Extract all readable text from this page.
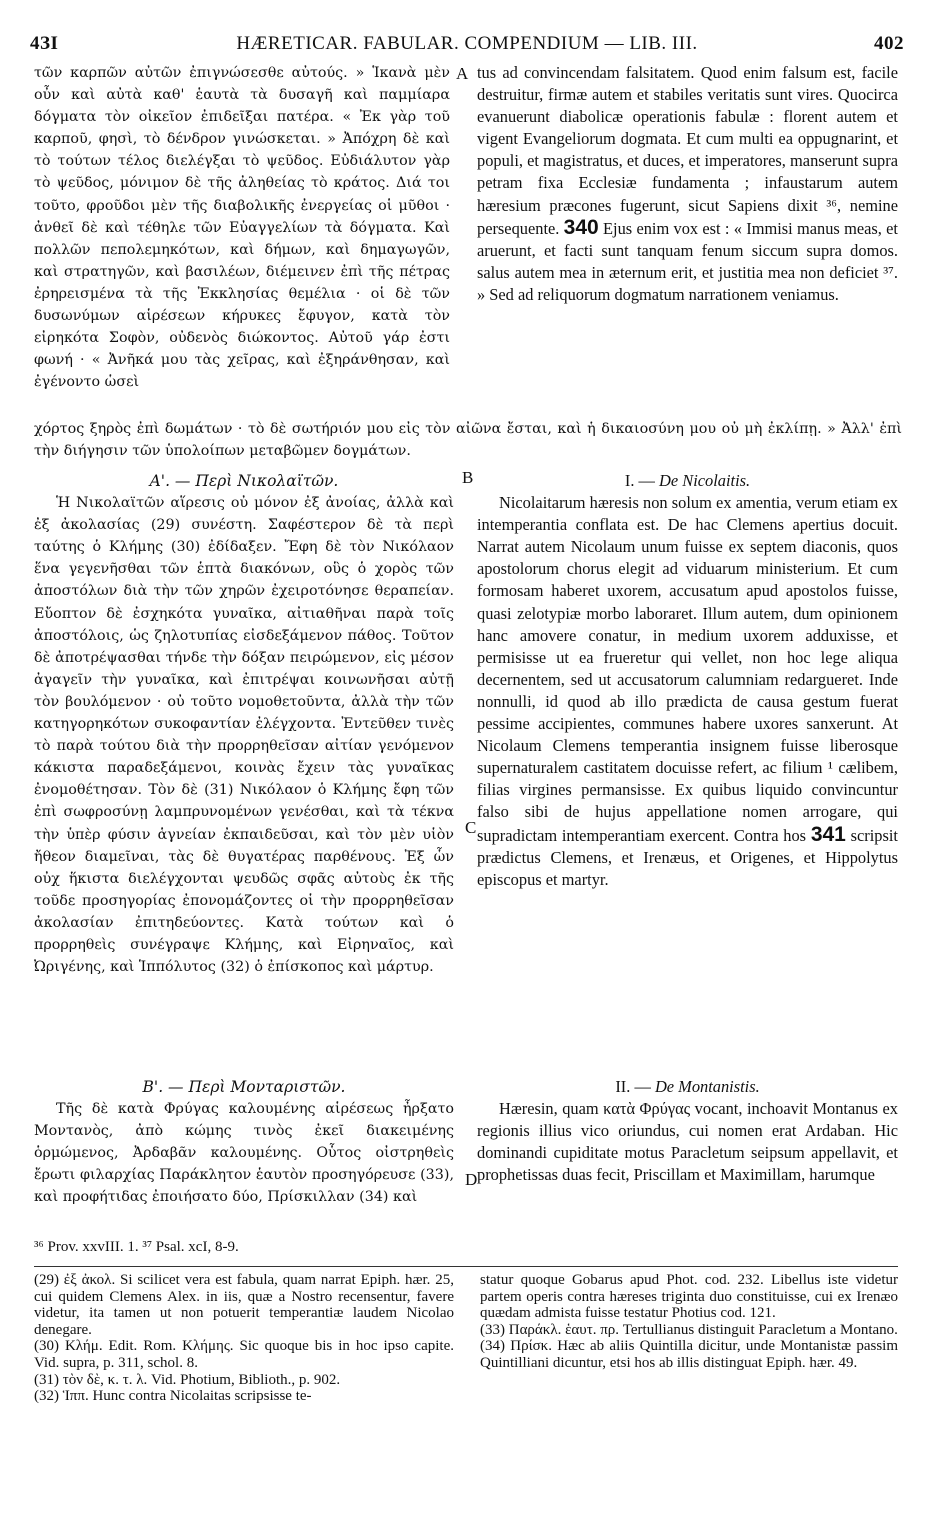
4ЗI	HÆRETICAR. FABULAR. COMPENDIUM — LIB. III.	402

τῶν καρπῶν αὐτῶν ἐπιγνώσεσθε αὐτούς. » Ἱκανὰ μὲν οὖν καὶ αὐτὰ καθ' ἑαυτὰ τὰ δυσαγῆ καὶ παμμίαρα δόγματα τὸν οἰκεῖον ἐπιδεῖξαι πατέρα. « Ἐκ γὰρ τοῦ καρποῦ, φησὶ, τὸ δένδρον γινώσκεται. » Ἀπόχρη δὲ καὶ τὸ τούτων τέλος διελέγξαι τὸ ψεῦδος. Εὐδιάλυτον γὰρ τὸ ψεῦδος, μόνιμον δὲ τῆς ἀληθείας τὸ κράτος. Διά τοι τοῦτο, φροῦδοι μὲν τῆς διαβολικῆς ἐνεργείας οἱ μῦθοι · ἀνθεῖ δὲ καὶ τέθηλε τῶν Εὐαγγελίων τὰ δόγματα. Καὶ πολλῶν πεπολεμηκότων, καὶ δήμων, καὶ δημαγωγῶν, καὶ στρατηγῶν, καὶ βασιλέων, διέμεινεν ἐπὶ τῆς πέτρας ἐρηρεισμένα τὰ τῆς Ἐκκλησίας θεμέλια · οἱ δὲ τῶν δυσωνύμων αἱρέσεων κήρυκες ἔφυγον, κατὰ τὸν εἰρηκότα Σοφὸν, οὐδενὸς διώκοντος. Αὐτοῦ γάρ ἐστι φωνή · « Ἀνῆκά μου τὰς χεῖρας, καὶ ἐξηράνθησαν, καὶ ἐγένοντο ὡσεὶ

A tus ad convincendam falsitatem. Quod enim falsum est, facile destruitur, firmæ autem et stabiles veritatis sunt vires. Quocirca evanuerunt diabolicæ operationis fabulæ : florent autem et vigent Evangeliorum dogmata. Et cum multi ea oppugnarint, et populi, et magistratus, et duces, et imperatores, manserunt supra petram fixa Ecclesiæ fundamenta ; infaustarum autem hæresium præcones fugerunt, sicut Sapiens dixit ³⁶, nemine persequente. 340 Ejus enim vox est : « Immisi manus meas, et aruerunt, et facti sunt tanquam fenum siccum supra domos. salus autem mea in æternum erit, et justitia mea non deficiet ³⁷. » Sed ad reliquorum dogmatum narrationem veniamus.

χόρτος ξηρὸς ἐπὶ δωμάτων · τὸ δὲ σωτήριόν μου εἰς τὸν αἰῶνα ἔσται, καὶ ἡ δικαιοσύνη μου οὐ μὴ ἐκλίπῃ. » Ἀλλ' ἐπὶ τὴν διήγησιν τῶν ὑπολοίπων μεταβῶμεν δογμάτων.
B
Α'. — Περὶ Νικολαϊτῶν.

Ἡ Νικολαϊτῶν αἵρεσις οὐ μόνον ἐξ ἀνοίας, ἀλλὰ καὶ ἐξ ἀκολασίας (29) συνέστη. Σαφέστερον δὲ τὰ περὶ ταύτης ὁ Κλήμης (30) ἐδίδαξεν. Ἔφη δὲ τὸν Νικόλαον ἕνα γεγενῆσθαι τῶν ἑπτὰ διακόνων, οὓς ὁ χορὸς τῶν ἀποστόλων διὰ τὴν τῶν χηρῶν ἐχειροτόνησε θεραπείαν. Εὔοπτον δὲ ἐσχηκότα γυναῖκα, αἰτιαθῆναι παρὰ τοῖς ἀποστόλοις, ὡς ζηλοτυπίας εἰσδεξάμενον πάθος. Τοῦτον δὲ ἀποτρέψασθαι τήνδε τὴν δόξαν πειρώμενον, εἰς μέσον ἀγαγεῖν τὴν γυναῖκα, καὶ ἐπιτρέψαι κοινωνῆσαι αὐτῇ τὸν βουλόμενον · οὐ τοῦτο νομοθετοῦντα, ἀλλὰ τὴν τῶν κατηγορηκότων συκοφαντίαν ἐλέγχοντα. Ἐντεῦθεν τινὲς τὸ παρὰ τούτου διὰ τὴν προρρηθεῖσαν αἰτίαν γενόμενον κάκιστα παραδεξάμενοι, κοινὰς ἔχειν τὰς γυναῖκας ἐνομοθέτησαν. Τὸν δὲ (31) Νικόλαον ὁ Κλήμης ἔφη τῶν ἐπὶ σωφροσύνῃ λαμπρυνομένων γενέσθαι, καὶ τὰ τέκνα τὴν ὑπὲρ φύσιν ἁγνείαν ἐκπαιδεῦσαι, καὶ τὸν μὲν υἱὸν ἤθεον διαμεῖναι, τὰς δὲ θυγατέρας παρθένους. Ἐξ ὧν οὐχ ἥκιστα διελέγχονται ψευδῶς σφᾶς αὐτοὺς ἐκ τῆς τοῦδε προσηγορίας ἐπονομάζοντες οἱ τὴν προρρηθεῖσαν ἀκολασίαν ἐπιτηδεύοντες. Κατὰ τούτων καὶ ὁ προρρηθεὶς συνέγραψε Κλήμης, καὶ Εἰρηναῖος, καὶ Ὠριγένης, καὶ Ἱππόλυτος (32) ὁ ἐπίσκοπος καὶ μάρτυρ.

I. — De Nicolaitis.

Nicolaitarum hæresis non solum ex amentia, verum etiam ex intemperantia conflata est. De hac Clemens apertius docuit. Narrat autem Nicolaum unum fuisse ex septem diaconis, quos apostolorum chorus elegit ad viduarum ministerium. Et cum formosam haberet uxorem, accusatum apud apostolos fuisse, quasi zelotypiæ morbo laboraret. Illum autem, dum opinionem hanc amovere conatur, in medium uxorem adduxisse, et permisisse ut ea frueretur qui vellet, non hoc lege aliqua decernentem, sed ut accusatorum calumniam redargueret. Inde nonnulli, id quod ab illo prædicta de causa gestum fuerat pessime accipientes, communes habere uxores sanxerunt. At Nicolaum Clemens temperantia insignem fuisse liberosque supernaturalem castitatem docuisse refert, ac filium ¹ cælibem, filias virgines permansisse. Ex quibus liquido convincuntur falso sibi de hujus appellatione nomen arrogare, qui supradictam intemperantiam exercent. Contra hos 341 scripsit prædictus Clemens, et Irenæus, et Origenes, et Hippolytus episcopus et martyr.

C
Β'. — Περὶ Μονταριστῶν.

Τῆς δὲ κατὰ Φρύγας καλουμένης αἱρέσεως ἦρξατο Μοντανὸς, ἀπὸ κώμης τινὸς ἐκεῖ διακειμένης ὁρμώμενος, Ἀρδαβᾶν καλουμένης. Οὗτος οἰστρηθεὶς ἔρωτι φιλαρχίας Παράκλητον ἑαυτὸν προσηγόρευσε (33), καὶ προφήτιδας ἐποιήσατο δύο, Πρίσκιλλαν (34) καὶ

II. — De Montanistis.

Hæresin, quam κατὰ Φρύγας vocant, inchoavit Montanus ex regionis illius vico oriundus, cui nomen erat Ardaban. Hic dominandi cupiditate motus Paracletum seipsum appellavit, et prophetissas duas fecit, Priscillam et Maximillam, harumque

D
³⁶ Prov. xxvIII. 1. ³⁷ Psal. xcI, 8-9.

(29) ἐξ ἀκολ. Si scilicet vera est fabula, quam narrat Epiph. hær. 25, cui quidem Clemens Alex. in iis, quæ a Nostro recensentur, favere videtur, ita tamen ut non potuerit temperantiæ laudem Nicolao denegare.

(30) Κλήμ. Edit. Rom. Κλήμης. Sic quoque bis in hoc ipso capite. Vid. supra, p. 311, schol. 8.

(31) τὸν δὲ, κ. τ. λ. Vid. Photium, Biblioth., p. 902.

(32) Ἱππ. Hunc contra Nicolaitas scripsisse te-

statur quoque Gobarus apud Phot. cod. 232. Libellus iste videtur partem operis contra hæreses triginta duo constituisse, cui ex Irenæo quædam admista fuisse testatur Photius cod. 121.

(33) Παράκλ. ἑαυτ. πρ. Tertullianus distinguit Paracletum a Montano.

(34) Πρίσκ. Hæc ab aliis Quintilla dicitur, unde Montanistæ passim Quintilliani dicuntur, etsi hos ab illis distinguat Epiph. hær. 49.
